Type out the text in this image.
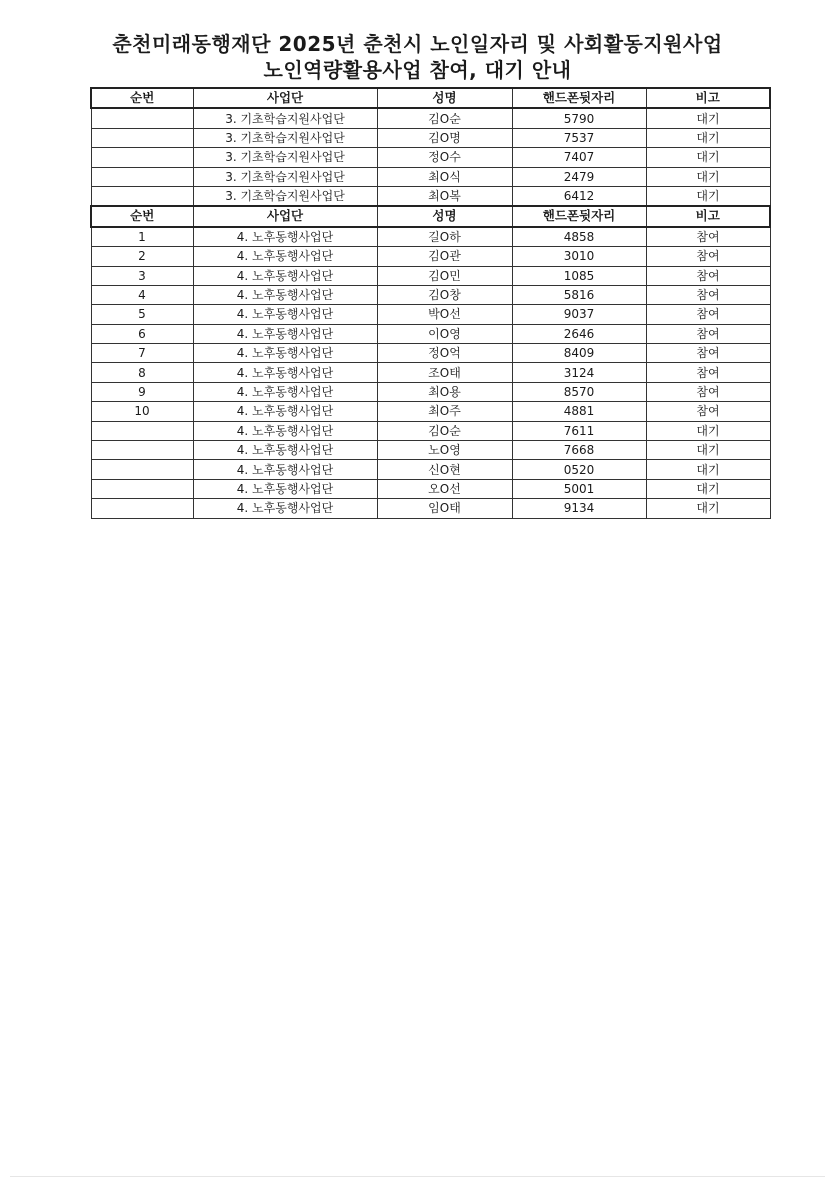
춘천미래동행재단 2025년 춘천시 노인일자리 및 사회활동지원사업
노인역량활용사업 참여, 대기 안내
순번	사업단	성명	핸드폰뒷자리	비고
	3. 기초학습지원사업단	김O순	5790	대기
	3. 기초학습지원사업단	김O명	7537	대기
	3. 기초학습지원사업단	정O수	7407	대기
	3. 기초학습지원사업단	최O식	2479	대기
	3. 기초학습지원사업단	최O복	6412	대기
순번	사업단	성명	핸드폰뒷자리	비고
1	4. 노후동행사업단	길O하	4858	참여
2	4. 노후동행사업단	김O관	3010	참여
3	4. 노후동행사업단	김O민	1085	참여
4	4. 노후동행사업단	김O창	5816	참여
5	4. 노후동행사업단	박O선	9037	참여
6	4. 노후동행사업단	이O영	2646	참여
7	4. 노후동행사업단	정O억	8409	참여
8	4. 노후동행사업단	조O태	3124	참여
9	4. 노후동행사업단	최O용	8570	참여
10	4. 노후동행사업단	최O주	4881	참여
	4. 노후동행사업단	김O순	7611	대기
	4. 노후동행사업단	노O영	7668	대기
	4. 노후동행사업단	신O현	0520	대기
	4. 노후동행사업단	오O선	5001	대기
	4. 노후동행사업단	임O태	9134	대기
